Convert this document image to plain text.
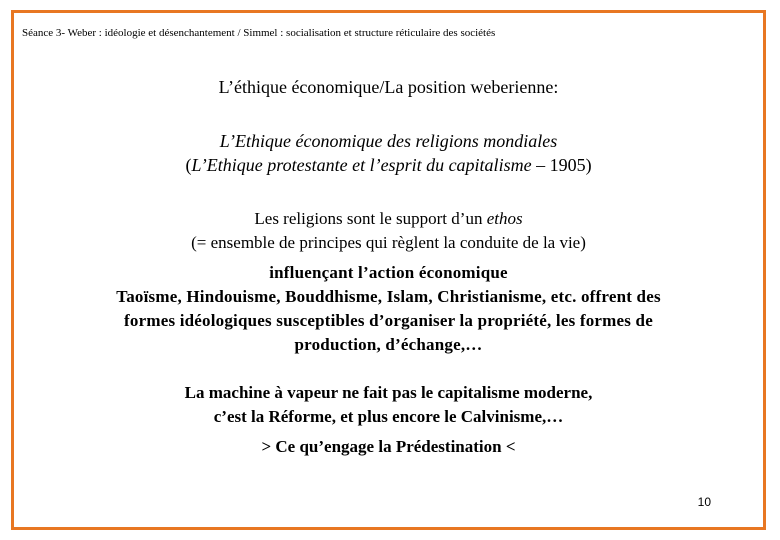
Séance 3- Weber : idéologie et désenchantement / Simmel : socialisation et structure réticulaire des sociétés
L’éthique économique/La position weberienne:
L’Ethique économique des religions mondiales
(L’Ethique protestante et l’esprit du capitalisme – 1905)
Les religions sont le support d’un ethos
(= ensemble de principes qui règlent la conduite de la vie)
influençant l’action économique
Taoïsme, Hindouisme, Bouddhisme, Islam, Christianisme, etc. offrent des
formes idéologiques susceptibles d’organiser la propriété, les formes de
production, d’échange,…
La machine à vapeur ne fait pas le capitalisme moderne,
c’est la Réforme, et plus encore le Calvinisme,…
> Ce qu’engage la Prédestination <
10
